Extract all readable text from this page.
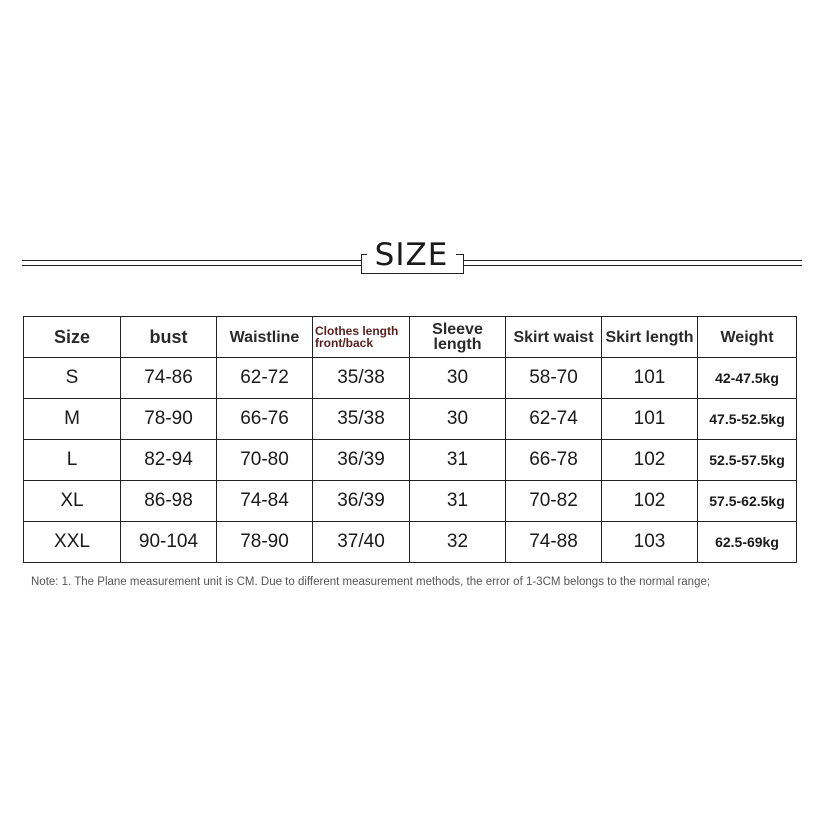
SIZE
Size	bust	Waistline	Clothes length front/back	Sleeve length	Skirt waist	Skirt length	Weight
S	74-86	62-72	35/38	30	58-70	101	42-47.5kg
M	78-90	66-76	35/38	30	62-74	101	47.5-52.5kg
L	82-94	70-80	36/39	31	66-78	102	52.5-57.5kg
XL	86-98	74-84	36/39	31	70-82	102	57.5-62.5kg
XXL	90-104	78-90	37/40	32	74-88	103	62.5-69kg
Note: 1. The Plane measurement unit is CM. Due to different measurement methods, the error of 1-3CM belongs to the normal range;
